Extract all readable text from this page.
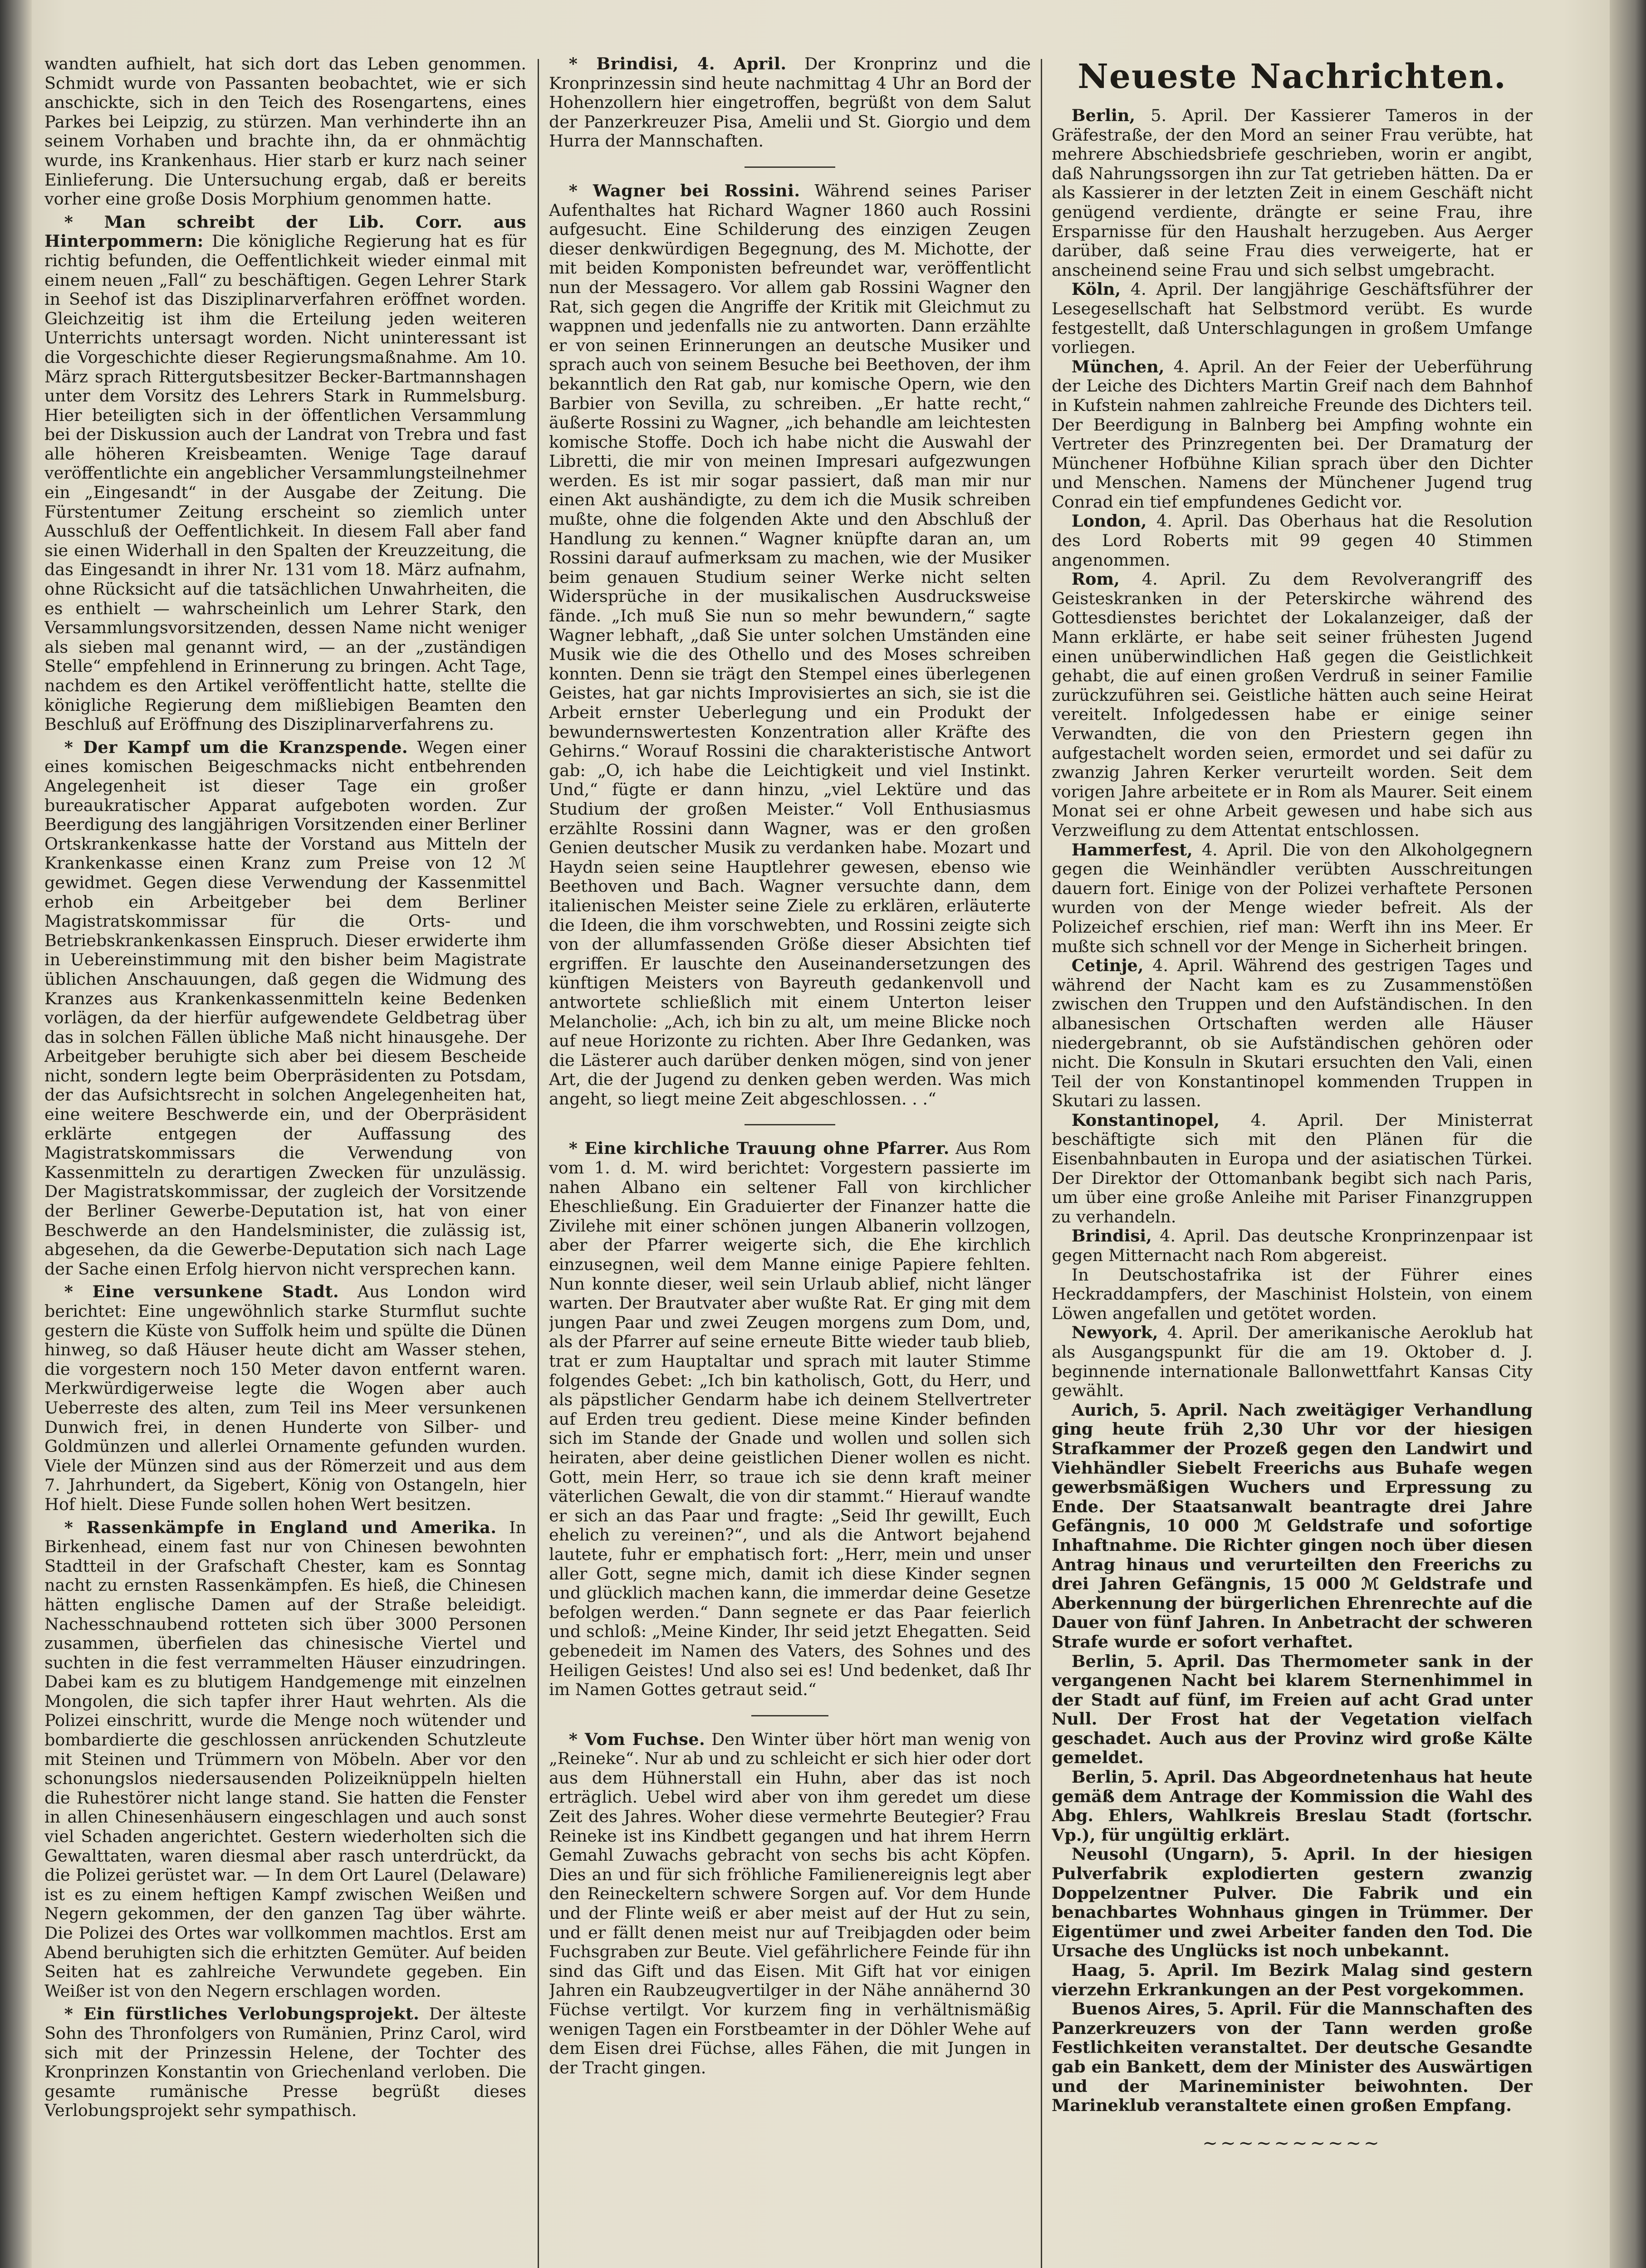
wandten aufhielt, hat sich dort das Leben genommen. Schmidt wurde von Passanten beobachtet, wie er sich anschickte, sich in den Teich des Rosengartens, eines Parkes bei Leipzig, zu stürzen. Man verhinderte ihn an seinem Vorhaben und brachte ihn, da er ohnmächtig wurde, ins Krankenhaus. Hier starb er kurz nach seiner Einlieferung. Die Untersuchung ergab, daß er bereits vorher eine große Dosis Morphium genommen hatte.

* Man schreibt der Lib. Corr. aus Hinterpommern: Die königliche Regierung hat es für richtig befunden, die Oeffentlichkeit wieder einmal mit einem neuen „Fall“ zu beschäftigen. Gegen Lehrer Stark in Seehof ist das Disziplinarverfahren eröffnet worden. Gleichzeitig ist ihm die Erteilung jeden weiteren Unterrichts untersagt worden. Nicht uninteressant ist die Vorgeschichte dieser Regierungsmaßnahme. Am 10. März sprach Rittergutsbesitzer Becker-Bartmannshagen unter dem Vorsitz des Lehrers Stark in Rummelsburg. Hier beteiligten sich in der öffentlichen Versammlung bei der Diskussion auch der Landrat von Trebra und fast alle höheren Kreisbeamten. Wenige Tage darauf veröffentlichte ein angeblicher Versammlungsteilnehmer ein „Eingesandt“ in der Ausgabe der Zeitung. Die Fürstentumer Zeitung erscheint so ziemlich unter Ausschluß der Oeffentlichkeit. In diesem Fall aber fand sie einen Widerhall in den Spalten der Kreuzzeitung, die das Eingesandt in ihrer Nr. 131 vom 18. März aufnahm, ohne Rücksicht auf die tatsächlichen Unwahrheiten, die es enthielt — wahrscheinlich um Lehrer Stark, den Versammlungsvorsitzenden, dessen Name nicht weniger als sieben mal genannt wird, — an der „zuständigen Stelle“ empfehlend in Erinnerung zu bringen. Acht Tage, nachdem es den Artikel veröffentlicht hatte, stellte die königliche Regierung dem mißliebigen Beamten den Beschluß auf Eröffnung des Disziplinarverfahrens zu.

* Der Kampf um die Kranzspende. Wegen einer eines komischen Beigeschmacks nicht entbehrenden Angelegenheit ist dieser Tage ein großer bureaukratischer Apparat aufgeboten worden. Zur Beerdigung des langjährigen Vorsitzenden einer Berliner Ortskrankenkasse hatte der Vorstand aus Mitteln der Krankenkasse einen Kranz zum Preise von 12 ℳ gewidmet. Gegen diese Verwendung der Kassenmittel erhob ein Arbeitgeber bei dem Berliner Magistratskommissar für die Orts- und Betriebskrankenkassen Einspruch. Dieser erwiderte ihm in Uebereinstimmung mit den bisher beim Magistrate üblichen Anschauungen, daß gegen die Widmung des Kranzes aus Krankenkassenmitteln keine Bedenken vorlägen, da der hierfür aufgewendete Geldbetrag über das in solchen Fällen übliche Maß nicht hinausgehe. Der Arbeitgeber beruhigte sich aber bei diesem Bescheide nicht, sondern legte beim Oberpräsidenten zu Potsdam, der das Aufsichtsrecht in solchen Angelegenheiten hat, eine weitere Beschwerde ein, und der Oberpräsident erklärte entgegen der Auffassung des Magistratskommissars die Verwendung von Kassenmitteln zu derartigen Zwecken für unzulässig. Der Magistratskommissar, der zugleich der Vorsitzende der Berliner Gewerbe-Deputation ist, hat von einer Beschwerde an den Handelsminister, die zulässig ist, abgesehen, da die Gewerbe-Deputation sich nach Lage der Sache einen Erfolg hiervon nicht versprechen kann.

* Eine versunkene Stadt. Aus London wird berichtet: Eine ungewöhnlich starke Sturmflut suchte gestern die Küste von Suffolk heim und spülte die Dünen hinweg, so daß Häuser heute dicht am Wasser stehen, die vorgestern noch 150 Meter davon entfernt waren. Merkwürdigerweise legte die Wogen aber auch Ueberreste des alten, zum Teil ins Meer versunkenen Dunwich frei, in denen Hunderte von Silber- und Goldmünzen und allerlei Ornamente gefunden wurden. Viele der Münzen sind aus der Römerzeit und aus dem 7. Jahrhundert, da Sigebert, König von Ostangeln, hier Hof hielt. Diese Funde sollen hohen Wert besitzen.

* Rassenkämpfe in England und Amerika. In Birkenhead, einem fast nur von Chinesen bewohnten Stadtteil in der Grafschaft Chester, kam es Sonntag nacht zu ernsten Rassenkämpfen. Es hieß, die Chinesen hätten englische Damen auf der Straße beleidigt. Nachesschnaubend rotteten sich über 3000 Personen zusammen, überfielen das chinesische Viertel und suchten in die fest verrammelten Häuser einzudringen. Dabei kam es zu blutigem Handgemenge mit einzelnen Mongolen, die sich tapfer ihrer Haut wehrten. Als die Polizei einschritt, wurde die Menge noch wütender und bombardierte die geschlossen anrückenden Schutzleute mit Steinen und Trümmern von Möbeln. Aber vor den schonungslos niedersausenden Polizeiknüppeln hielten die Ruhestörer nicht lange stand. Sie hatten die Fenster in allen Chinesenhäusern eingeschlagen und auch sonst viel Schaden angerichtet. Gestern wiederholten sich die Gewalttaten, waren diesmal aber rasch unterdrückt, da die Polizei gerüstet war. — In dem Ort Laurel (Delaware) ist es zu einem heftigen Kampf zwischen Weißen und Negern gekommen, der den ganzen Tag über währte. Die Polizei des Ortes war vollkommen machtlos. Erst am Abend beruhigten sich die erhitzten Gemüter. Auf beiden Seiten hat es zahlreiche Verwundete gegeben. Ein Weißer ist von den Negern erschlagen worden.

* Ein fürstliches Verlobungsprojekt. Der älteste Sohn des Thronfolgers von Rumänien, Prinz Carol, wird sich mit der Prinzessin Helene, der Tochter des Kronprinzen Konstantin von Griechenland verloben. Die gesamte rumänische Presse begrüßt dieses Verlobungsprojekt sehr sympathisch.

* Brindisi, 4. April. Der Kronprinz und die Kronprinzessin sind heute nachmittag 4 Uhr an Bord der Hohenzollern hier eingetroffen, begrüßt von dem Salut der Panzerkreuzer Pisa, Amelii und St. Giorgio und dem Hurra der Mannschaften.

* Wagner bei Rossini. Während seines Pariser Aufenthaltes hat Richard Wagner 1860 auch Rossini aufgesucht. Eine Schilderung des einzigen Zeugen dieser denkwürdigen Begegnung, des M. Michotte, der mit beiden Komponisten befreundet war, veröffentlicht nun der Messagero. Vor allem gab Rossini Wagner den Rat, sich gegen die Angriffe der Kritik mit Gleichmut zu wappnen und jedenfalls nie zu antworten. Dann erzählte er von seinen Erinnerungen an deutsche Musiker und sprach auch von seinem Besuche bei Beethoven, der ihm bekanntlich den Rat gab, nur komische Opern, wie den Barbier von Sevilla, zu schreiben. „Er hatte recht,“ äußerte Rossini zu Wagner, „ich behandle am leichtesten komische Stoffe. Doch ich habe nicht die Auswahl der Libretti, die mir von meinen Impresari aufgezwungen werden. Es ist mir sogar passiert, daß man mir nur einen Akt aushändigte, zu dem ich die Musik schreiben mußte, ohne die folgenden Akte und den Abschluß der Handlung zu kennen.“ Wagner knüpfte daran an, um Rossini darauf aufmerksam zu machen, wie der Musiker beim genauen Studium seiner Werke nicht selten Widersprüche in der musikalischen Ausdrucksweise fände. „Ich muß Sie nun so mehr bewundern,“ sagte Wagner lebhaft, „daß Sie unter solchen Umständen eine Musik wie die des Othello und des Moses schreiben konnten. Denn sie trägt den Stempel eines überlegenen Geistes, hat gar nichts Improvisiertes an sich, sie ist die Arbeit ernster Ueberlegung und ein Produkt der bewundernswertesten Konzentration aller Kräfte des Gehirns.“ Worauf Rossini die charakteristische Antwort gab: „O, ich habe die Leichtigkeit und viel Instinkt. Und,“ fügte er dann hinzu, „viel Lektüre und das Studium der großen Meister.“ Voll Enthusiasmus erzählte Rossini dann Wagner, was er den großen Genien deutscher Musik zu verdanken habe. Mozart und Haydn seien seine Hauptlehrer gewesen, ebenso wie Beethoven und Bach. Wagner versuchte dann, dem italienischen Meister seine Ziele zu erklären, erläuterte die Ideen, die ihm vorschwebten, und Rossini zeigte sich von der allumfassenden Größe dieser Absichten tief ergriffen. Er lauschte den Auseinandersetzungen des künftigen Meisters von Bayreuth gedankenvoll und antwortete schließlich mit einem Unterton leiser Melancholie: „Ach, ich bin zu alt, um meine Blicke noch auf neue Horizonte zu richten. Aber Ihre Gedanken, was die Lästerer auch darüber denken mögen, sind von jener Art, die der Jugend zu denken geben werden. Was mich angeht, so liegt meine Zeit abgeschlossen. . .“

* Eine kirchliche Trauung ohne Pfarrer. Aus Rom vom 1. d. M. wird berichtet: Vorgestern passierte im nahen Albano ein seltener Fall von kirchlicher Eheschließung. Ein Graduierter der Finanzer hatte die Zivilehe mit einer schönen jungen Albanerin vollzogen, aber der Pfarrer weigerte sich, die Ehe kirchlich einzusegnen, weil dem Manne einige Papiere fehlten. Nun konnte dieser, weil sein Urlaub ablief, nicht länger warten. Der Brautvater aber wußte Rat. Er ging mit dem jungen Paar und zwei Zeugen morgens zum Dom, und, als der Pfarrer auf seine erneute Bitte wieder taub blieb, trat er zum Hauptaltar und sprach mit lauter Stimme folgendes Gebet: „Ich bin katholisch, Gott, du Herr, und als päpstlicher Gendarm habe ich deinem Stellvertreter auf Erden treu gedient. Diese meine Kinder befinden sich im Stande der Gnade und wollen und sollen sich heiraten, aber deine geistlichen Diener wollen es nicht. Gott, mein Herr, so traue ich sie denn kraft meiner väterlichen Gewalt, die von dir stammt.“ Hierauf wandte er sich an das Paar und fragte: „Seid Ihr gewillt, Euch ehelich zu vereinen?“, und als die Antwort bejahend lautete, fuhr er emphatisch fort: „Herr, mein und unser aller Gott, segne mich, damit ich diese Kinder segnen und glücklich machen kann, die immerdar deine Gesetze befolgen werden.“ Dann segnete er das Paar feierlich und schloß: „Meine Kinder, Ihr seid jetzt Ehegatten. Seid gebenedeit im Namen des Vaters, des Sohnes und des Heiligen Geistes! Und also sei es! Und bedenket, daß Ihr im Namen Gottes getraut seid.“

* Vom Fuchse. Den Winter über hört man wenig von „Reineke“. Nur ab und zu schleicht er sich hier oder dort aus dem Hühnerstall ein Huhn, aber das ist noch erträglich. Uebel wird aber von ihm geredet um diese Zeit des Jahres. Woher diese vermehrte Beutegier? Frau Reineke ist ins Kindbett gegangen und hat ihrem Herrn Gemahl Zuwachs gebracht von sechs bis acht Köpfen. Dies an und für sich fröhliche Familienereignis legt aber den Reineckeltern schwere Sorgen auf. Vor dem Hunde und der Flinte weiß er aber meist auf der Hut zu sein, und er fällt denen meist nur auf Treibjagden oder beim Fuchsgraben zur Beute. Viel gefährlichere Feinde für ihn sind das Gift und das Eisen. Mit Gift hat vor einigen Jahren ein Raubzeugvertilger in der Nähe annähernd 30 Füchse vertilgt. Vor kurzem fing in verhältnismäßig wenigen Tagen ein Forstbeamter in der Döhler Wehe auf dem Eisen drei Füchse, alles Fähen, die mit Jungen in der Tracht gingen.

Neueste Nachrichten.

Berlin, 5. April. Der Kassierer Tameros in der Gräfestraße, der den Mord an seiner Frau verübte, hat mehrere Abschiedsbriefe geschrieben, worin er angibt, daß Nahrungssorgen ihn zur Tat getrieben hätten. Da er als Kassierer in der letzten Zeit in einem Geschäft nicht genügend verdiente, drängte er seine Frau, ihre Ersparnisse für den Haushalt herzugeben. Aus Aerger darüber, daß seine Frau dies verweigerte, hat er anscheinend seine Frau und sich selbst umgebracht.

Köln, 4. April. Der langjährige Geschäftsführer der Lesegesellschaft hat Selbstmord verübt. Es wurde festgestellt, daß Unterschlagungen in großem Umfange vorliegen.

München, 4. April. An der Feier der Ueberführung der Leiche des Dichters Martin Greif nach dem Bahnhof in Kufstein nahmen zahlreiche Freunde des Dichters teil. Der Beerdigung in Balnberg bei Ampfing wohnte ein Vertreter des Prinzregenten bei. Der Dramaturg der Münchener Hofbühne Kilian sprach über den Dichter und Menschen. Namens der Münchener Jugend trug Conrad ein tief empfundenes Gedicht vor.

London, 4. April. Das Oberhaus hat die Resolution des Lord Roberts mit 99 gegen 40 Stimmen angenommen.

Rom, 4. April. Zu dem Revolverangriff des Geisteskranken in der Peterskirche während des Gottesdienstes berichtet der Lokalanzeiger, daß der Mann erklärte, er habe seit seiner frühesten Jugend einen unüberwindlichen Haß gegen die Geistlichkeit gehabt, die auf einen großen Verdruß in seiner Familie zurückzuführen sei. Geistliche hätten auch seine Heirat vereitelt. Infolgedessen habe er einige seiner Verwandten, die von den Priestern gegen ihn aufgestachelt worden seien, ermordet und sei dafür zu zwanzig Jahren Kerker verurteilt worden. Seit dem vorigen Jahre arbeitete er in Rom als Maurer. Seit einem Monat sei er ohne Arbeit gewesen und habe sich aus Verzweiflung zu dem Attentat entschlossen.

Hammerfest, 4. April. Die von den Alkoholgegnern gegen die Weinhändler verübten Ausschreitungen dauern fort. Einige von der Polizei verhaftete Personen wurden von der Menge wieder befreit. Als der Polizeichef erschien, rief man: Werft ihn ins Meer. Er mußte sich schnell vor der Menge in Sicherheit bringen.

Cetinje, 4. April. Während des gestrigen Tages und während der Nacht kam es zu Zusammenstößen zwischen den Truppen und den Aufständischen. In den albanesischen Ortschaften werden alle Häuser niedergebrannt, ob sie Aufständischen gehören oder nicht. Die Konsuln in Skutari ersuchten den Vali, einen Teil der von Konstantinopel kommenden Truppen in Skutari zu lassen.

Konstantinopel, 4. April. Der Ministerrat beschäftigte sich mit den Plänen für die Eisenbahnbauten in Europa und der asiatischen Türkei. Der Direktor der Ottomanbank begibt sich nach Paris, um über eine große Anleihe mit Pariser Finanzgruppen zu verhandeln.

Brindisi, 4. April. Das deutsche Kronprinzenpaar ist gegen Mitternacht nach Rom abgereist.

In Deutschostafrika ist der Führer eines Heckraddampfers, der Maschinist Holstein, von einem Löwen angefallen und getötet worden.

Newyork, 4. April. Der amerikanische Aeroklub hat als Ausgangspunkt für die am 19. Oktober d. J. beginnende internationale Ballonwettfahrt Kansas City gewählt.

Aurich, 5. April. Nach zweitägiger Verhandlung ging heute früh 2,30 Uhr vor der hiesigen Strafkammer der Prozeß gegen den Landwirt und Viehhändler Siebelt Freerichs aus Buhafe wegen gewerbsmäßigen Wuchers und Erpressung zu Ende. Der Staatsanwalt beantragte drei Jahre Gefängnis, 10 000 ℳ Geldstrafe und sofortige Inhaftnahme. Die Richter gingen noch über diesen Antrag hinaus und verurteilten den Freerichs zu drei Jahren Gefängnis, 15 000 ℳ Geldstrafe und Aberkennung der bürgerlichen Ehrenrechte auf die Dauer von fünf Jahren. In Anbetracht der schweren Strafe wurde er sofort verhaftet.

Berlin, 5. April. Das Thermometer sank in der vergangenen Nacht bei klarem Sternenhimmel in der Stadt auf fünf, im Freien auf acht Grad unter Null. Der Frost hat der Vegetation vielfach geschadet. Auch aus der Provinz wird große Kälte gemeldet.

Berlin, 5. April. Das Abgeordnetenhaus hat heute gemäß dem Antrage der Kommission die Wahl des Abg. Ehlers, Wahlkreis Breslau Stadt (fortschr. Vp.), für ungültig erklärt.

Neusohl (Ungarn), 5. April. In der hiesigen Pulverfabrik explodierten gestern zwanzig Doppelzentner Pulver. Die Fabrik und ein benachbartes Wohnhaus gingen in Trümmer. Der Eigentümer und zwei Arbeiter fanden den Tod. Die Ursache des Unglücks ist noch unbekannt.

Haag, 5. April. Im Bezirk Malag sind gestern vierzehn Erkrankungen an der Pest vorgekommen.

Buenos Aires, 5. April. Für die Mannschaften des Panzerkreuzers von der Tann werden große Festlichkeiten veranstaltet. Der deutsche Gesandte gab ein Bankett, dem der Minister des Auswärtigen und der Marineminister beiwohnten. Der Marineklub veranstaltete einen großen Empfang.

~~~~~~~~~~
